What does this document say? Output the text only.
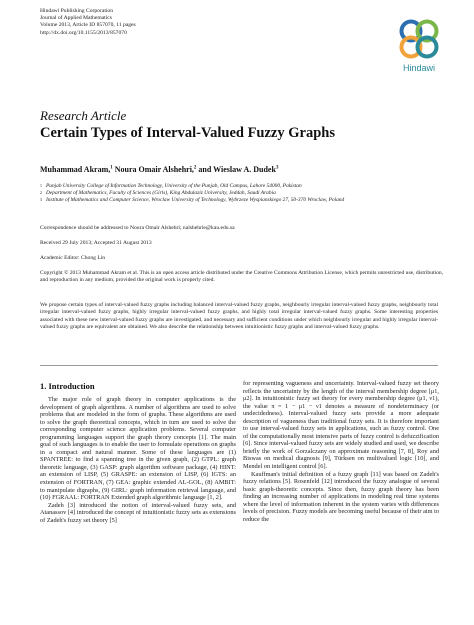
Hindawi Publishing Corporation
Journal of Applied Mathematics
Volume 2013, Article ID 857070, 11 pages
http://dx.doi.org/10.1155/2013/857070
Hindawi
Research Article
Certain Types of Interval-Valued Fuzzy Graphs
Muhammad Akram,$^1$ Noura Omair Alshehri,$^2$ and Wieslaw A. Dudek$^3$
1 Punjab University College of Information Technology, University of the Punjab, Old Campus, Lahore 54000, Pakistan
2 Department of Mathematics, Faculty of Sciences (Girls), King Abdulaziz University, Jeddah, Saudi Arabia
3 Institute of Mathematics and Computer Science, Wroclaw University of Technology, Wybrzeze Wyspianskiego 27, 50-370 Wroclaw, Poland
Correspondence should be addressed to Noura Omair Alshehri; nalshehrie@kau.edu.sa
Received 29 July 2013; Accepted 31 August 2013
Academic Editor: Chong Lin
Copyright © 2013 Muhammad Akram et al. This is an open access article distributed under the Creative Commons Attribution License, which permits unrestricted use, distribution, and reproduction in any medium, provided the original work is properly cited.
We propose certain types of interval-valued fuzzy graphs including balanced interval-valued fuzzy graphs, neighbourly irregular interval-valued fuzzy graphs, neighbourly total irregular interval-valued fuzzy graphs, highly irregular interval-valued fuzzy graphs, and highly total irregular interval-valued fuzzy graphs. Some interesting properties associated with these new interval-valued fuzzy graphs are investigated, and necessary and sufficient conditions under which neighbourly irregular and highly irregular interval-valued fuzzy graphs are equivalent are obtained. We also describe the relationship between intuitionistic fuzzy graphs and interval-valued fuzzy graphs.
1. Introduction

The major role of graph theory in computer applications is the development of graph algorithms. A number of algorithms are used to solve problems that are modeled in the form of graphs. These algorithms are used to solve the graph theoretical concepts, which in turn are used to solve the corresponding computer science application problems. Several computer programming languages support the graph theory concepts [1]. The main goal of such languages is to enable the user to formulate operations on graphs in a compact and natural manner. Some of these languages are (1) SPANTREE: to find a spanning tree in the given graph, (2) GTPL: graph theoretic language, (3) GASP: graph algorithm software package, (4) HINT: an extension of LISP, (5) GRASPE: an extension of LISP, (6) IGTS: an extension of FORTRAN, (7) GEA: graphic extended AL-GOL, (8) AMBIT: to manipulate digraphs, (9) GIRL: graph information retrieval language, and (10) FGRAAL: FORTRAN Extended graph algorithmic language [1, 2].

Zadeh [3] introduced the notion of interval-valued fuzzy sets, and Atanassov [4] introduced the concept of intuitionistic fuzzy sets as extensions of Zadeh's fuzzy set theory [5]

for representing vagueness and uncertainty. Interval-valued fuzzy set theory reflects the uncertainty by the length of the interval membership degree [μ1, μ2]. In intuitionistic fuzzy set theory for every membership degree (μ1, ν1), the value π = 1 − μ1 − ν1 denotes a measure of nondeterminacy (or undecidedness). Interval-valued fuzzy sets provide a more adequate description of vagueness than traditional fuzzy sets. It is therefore important to use interval-valued fuzzy sets in applications, such as fuzzy control. One of the computationally most intensive parts of fuzzy control is defuzzification [6]. Since interval-valued fuzzy sets are widely studied and used, we describe briefly the work of Gorzalczany on approximate reasoning [7, 8], Roy and Biswas on medical diagnosis [9], Türksen on multivalued logic [10], and Mendel on intelligent control [6].

Kauffman's initial definition of a fuzzy graph [11] was based on Zadeh's fuzzy relations [5]. Rosenfeld [12] introduced the fuzzy analogue of several basic graph-theoretic concepts. Since then, fuzzy graph theory has been finding an increasing number of applications in modeling real time systems where the level of information inherent in the system varies with differences levels of precision. Fuzzy models are becoming useful because of their aim to reduce the
